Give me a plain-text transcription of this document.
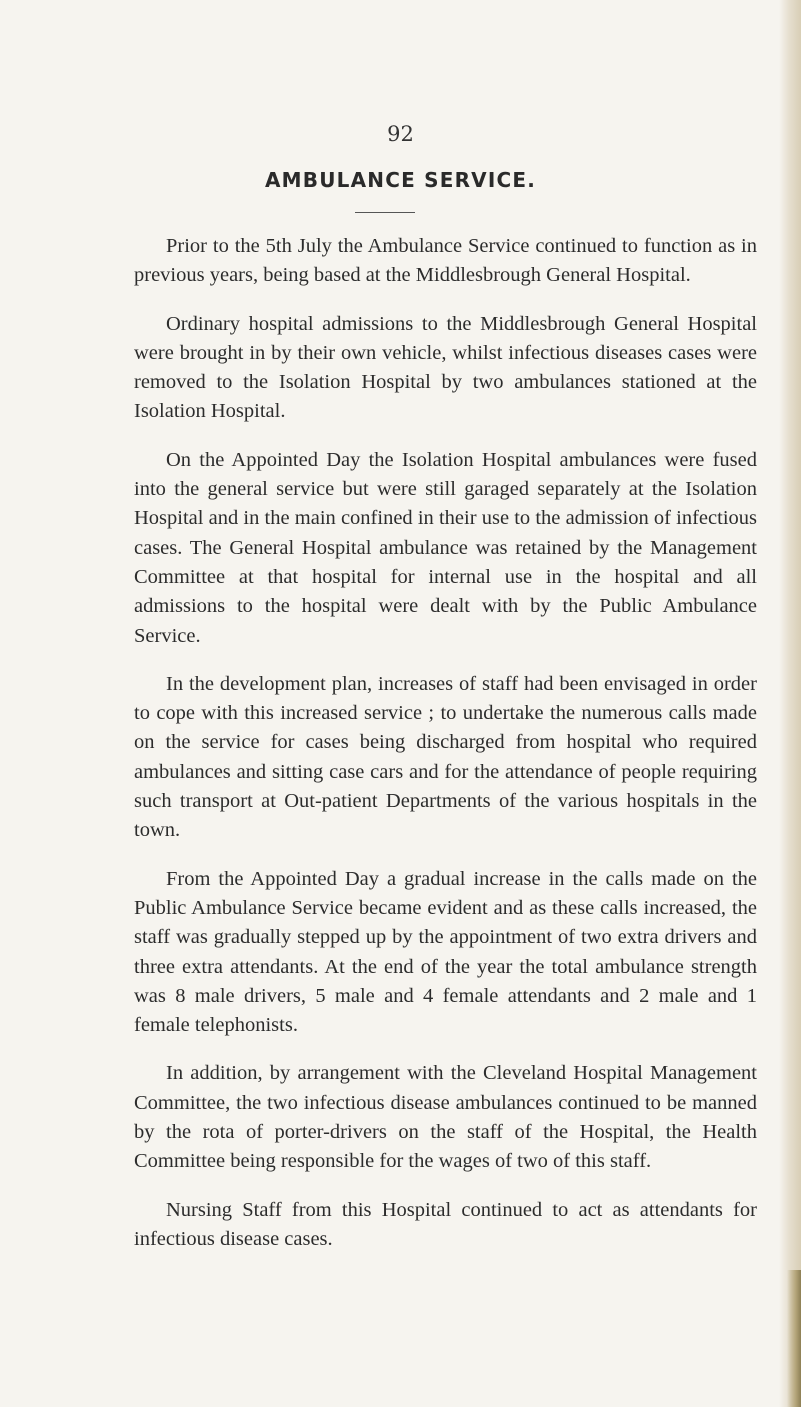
92
AMBULANCE SERVICE.

Prior to the 5th July the Ambulance Service continued to function as in previous years, being based at the Middlesbrough General Hospital.

Ordinary hospital admissions to the Middlesbrough General Hospital were brought in by their own vehicle, whilst infectious diseases cases were removed to the Isolation Hospital by two ambulances stationed at the Isolation Hospital.

On the Appointed Day the Isolation Hospital ambulances were fused into the general service but were still garaged separately at the Isolation Hospital and in the main confined in their use to the admission of infectious cases. The General Hospital ambulance was retained by the Management Committee at that hospital for internal use in the hospital and all admissions to the hospital were dealt with by the Public Ambulance Service.

In the development plan, increases of staff had been envisaged in order to cope with this increased service ; to undertake the numerous calls made on the service for cases being discharged from hospital who required ambulances and sitting case cars and for the attendance of people requiring such transport at Out-patient Departments of the various hospitals in the town.

From the Appointed Day a gradual increase in the calls made on the Public Ambulance Service became evident and as these calls increased, the staff was gradually stepped up by the appointment of two extra drivers and three extra attendants. At the end of the year the total ambulance strength was 8 male drivers, 5 male and 4 female attendants and 2 male and 1 female telephonists.

In addition, by arrangement with the Cleveland Hospital Management Committee, the two infectious disease ambulances continued to be manned by the rota of porter-drivers on the staff of the Hospital, the Health Committee being responsible for the wages of two of this staff.

Nursing Staff from this Hospital continued to act as attendants for infectious disease cases.
